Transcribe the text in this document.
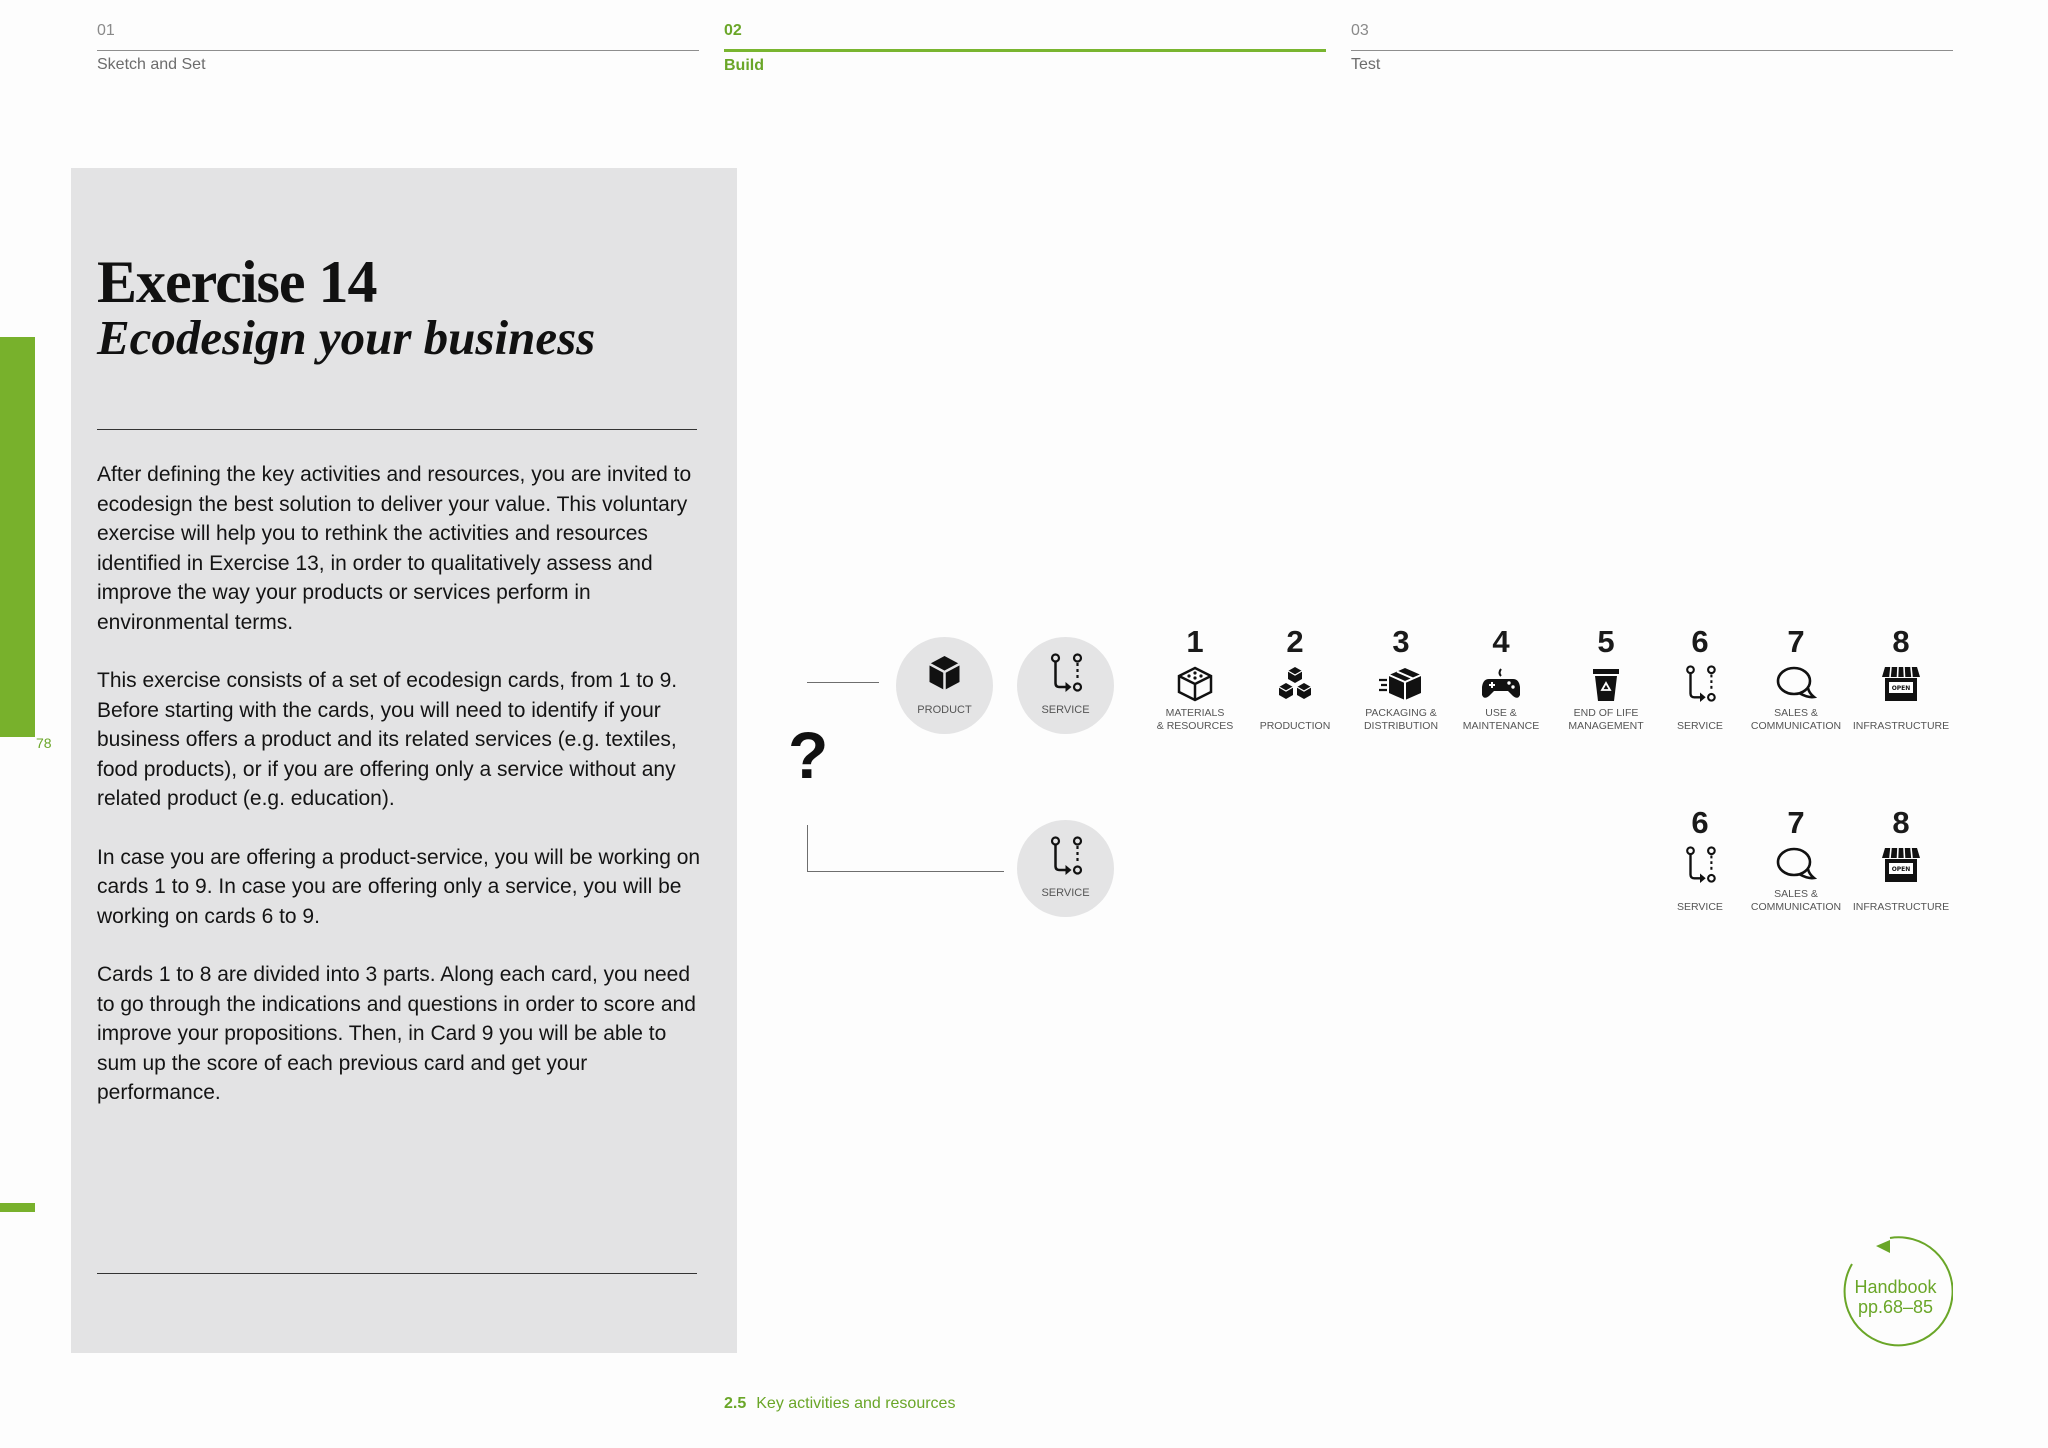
01
Sketch and Set
02
Build
03
Test
78
Exercise 14
Ecodesign your business

After defining the key activities and resources, you are invited to ecodesign the best solution to deliver your value. This voluntary exercise will help you to rethink the activities and resources identified in Exercise 13, in order to qualitatively assess and improve the way your products or services perform in environmental terms.

This exercise consists of a set of ecodesign cards, from 1 to 9. Before starting with the cards, you will need to identify if your business offers a product and its related services (e.g. textiles, food products), or if you are offering only a service without any related product (e.g. education).

In case you are offering a product-service, you will be working on cards 1 to 9. In case you are offering only a service, you will be working on cards 6 to 9.

Cards 1 to 8 are divided into 3 parts. Along each card, you need to go through the indications and questions in order to score and improve your propositions. Then, in Card 9 you will be able to sum up the score of each previous card and get your performance.

?
PRODUCT	SERVICE
SERVICE
1
MATERIALS
& RESOURCES
2

PRODUCTION
3
PACKAGING &
DISTRIBUTION
4
USE &
MAINTENANCE
5
END OF LIFE
MANAGEMENT
6

SERVICE
7
SALES &
COMMUNICATION
8
OPEN

INFRASTRUCTURE
6

SERVICE
7
SALES &
COMMUNICATION
8
OPEN

INFRASTRUCTURE
Handbook
pp.68–85
2.5 Key activities and resources
